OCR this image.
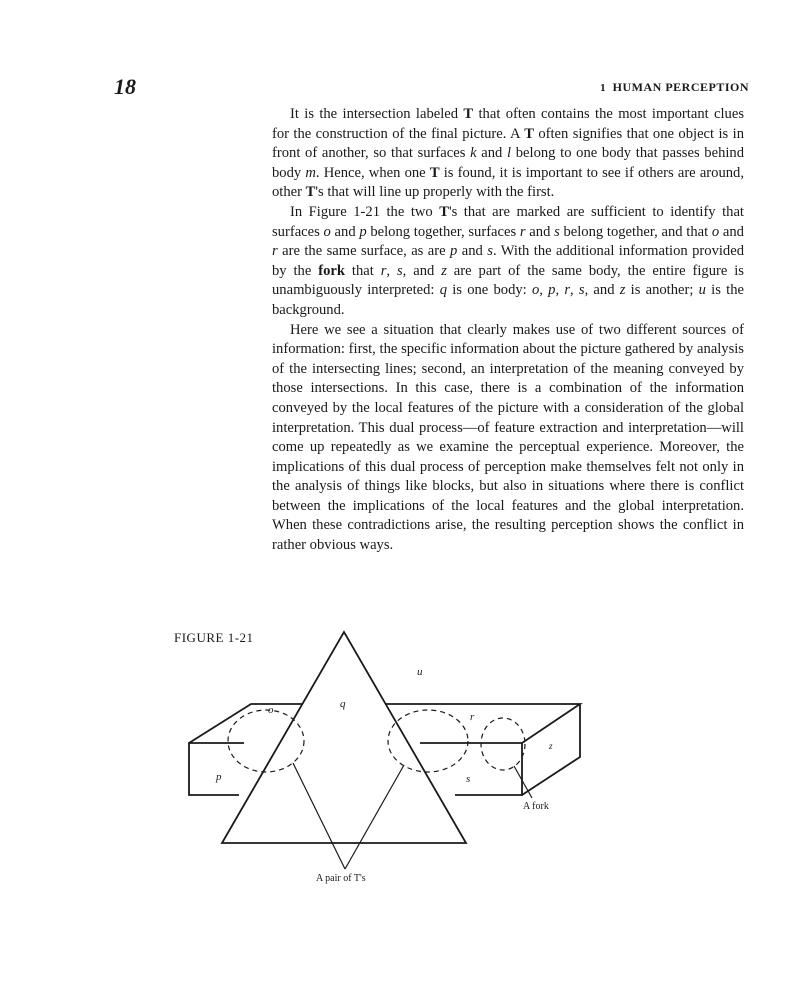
18	1 HUMAN PERCEPTION

It is the intersection labeled T that often contains the most important clues for the construction of the final picture. A T often signifies that one object is in front of another, so that surfaces k and l belong to one body that passes behind body m. Hence, when one T is found, it is important to see if others are around, other T's that will line up properly with the first.

In Figure 1-21 the two T's that are marked are sufficient to identify that surfaces o and p belong together, surfaces r and s belong together, and that o and r are the same surface, as are p and s. With the additional information provided by the fork that r, s, and z are part of the same body, the entire figure is unambiguously interpreted: q is one body: o, p, r, s, and z is another; u is the background.

Here we see a situation that clearly makes use of two different sources of information: first, the specific information about the picture gathered by analysis of the intersecting lines; second, an interpretation of the meaning conveyed by those intersections. In this case, there is a combination of the information conveyed by the local features of the picture with a consideration of the global interpretation. This dual process—of feature extraction and interpretation—will come up repeatedly as we examine the perceptual experience. Moreover, the implications of this dual process of perception make themselves felt not only in the analysis of things like blocks, but also in situations where there is conflict between the implications of the local features and the global interpretation. When these contradictions arise, the resulting perception shows the conflict in rather obvious ways.

FIGURE 1-21
u
q
o
r
p	s
z
A fork
A pair of T's
